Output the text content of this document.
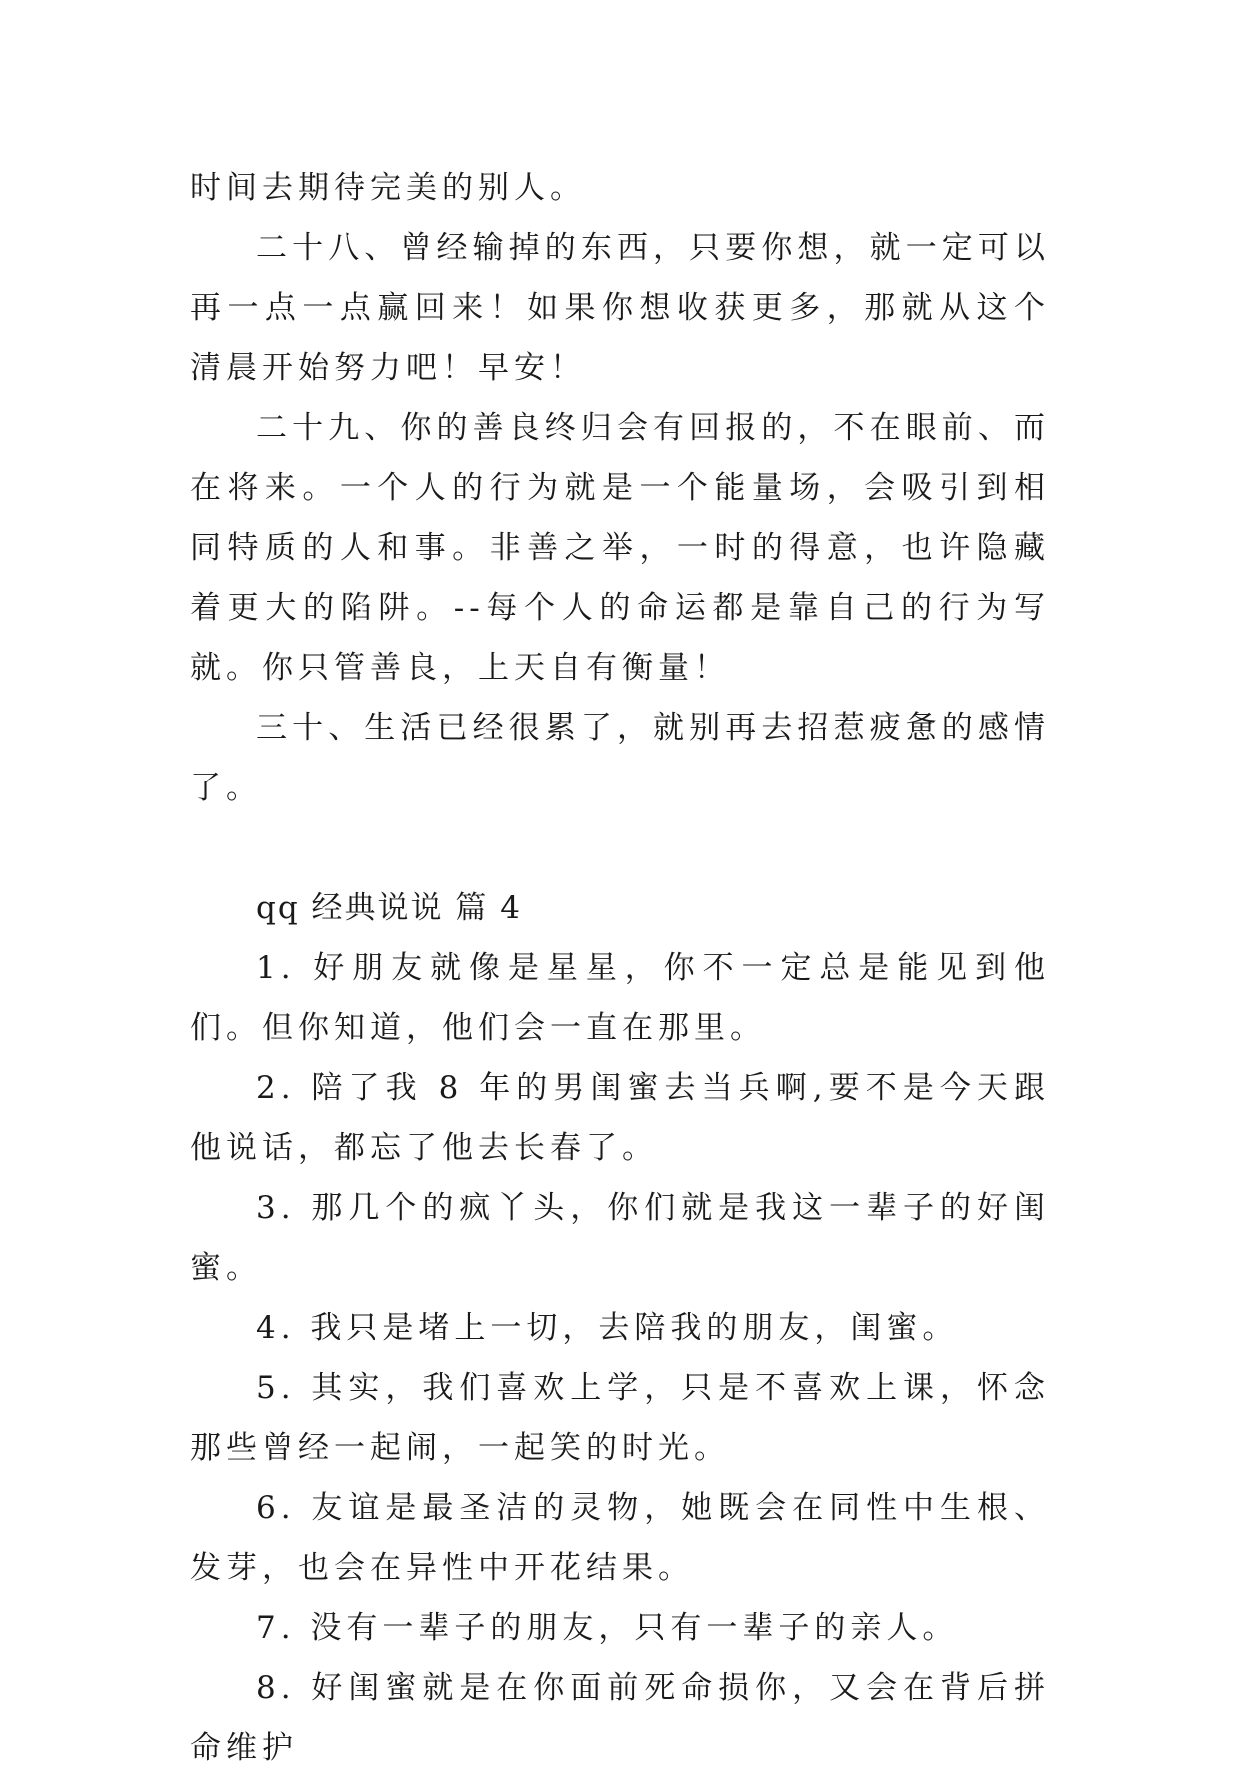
时间去期待完美的别人。

二十八、曾经输掉的东西，只要你想，就一定可以再一点一点赢回来！如果你想收获更多，那就从这个清晨开始努力吧！早安！

二十九、你的善良终归会有回报的，不在眼前、而在将来。一个人的行为就是一个能量场，会吸引到相同特质的人和事。非善之举，一时的得意，也许隐藏着更大的陷阱。--每个人的命运都是靠自己的行为写就。你只管善良，上天自有衡量！

三十、生活已经很累了，就别再去招惹疲惫的感情了。

qq 经典说说 篇 4

1. 好朋友就像是星星，你不一定总是能见到他们。但你知道，他们会一直在那里。

2. 陪了我 8 年的男闺蜜去当兵啊,要不是今天跟他说话，都忘了他去长春了。

3. 那几个的疯丫头，你们就是我这一辈子的好闺蜜。

4. 我只是堵上一切，去陪我的朋友，闺蜜。

5. 其实，我们喜欢上学，只是不喜欢上课，怀念那些曾经一起闹，一起笑的时光。

6. 友谊是最圣洁的灵物，她既会在同性中生根、发芽，也会在异性中开花结果。

7. 没有一辈子的朋友，只有一辈子的亲人。

8. 好闺蜜就是在你面前死命损你，又会在背后拼命维护
